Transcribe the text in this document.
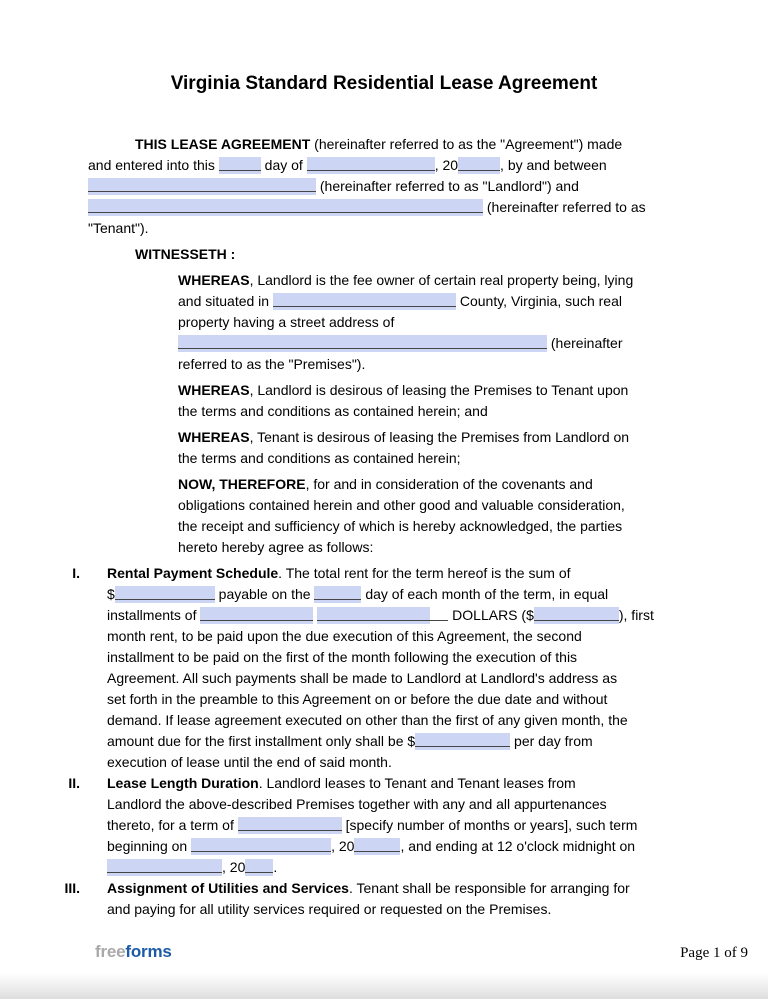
Virginia Standard Residential Lease Agreement
THIS LEASE AGREEMENT (hereinafter referred to as the "Agreement") made
and entered into this	day of	, 20	, by and between
(hereinafter referred to as "Landlord") and
(hereinafter referred to as
"Tenant").
WITNESSETH :
WHEREAS, Landlord is the fee owner of certain real property being, lying
and situated in	County, Virginia, such real
property having a street address of
(hereinafter
referred to as the "Premises").
WHEREAS, Landlord is desirous of leasing the Premises to Tenant upon
the terms and conditions as contained herein; and
WHEREAS, Tenant is desirous of leasing the Premises from Landlord on
the terms and conditions as contained herein;
NOW, THEREFORE, for and in consideration of the covenants and
obligations contained herein and other good and valuable consideration,
the receipt and sufficiency of which is hereby acknowledged, the parties
hereto hereby agree as follows:
I. Rental Payment Schedule. The total rent for the term hereof is the sum of
$	payable on the	day of each month of the term, in equal
installments of	DOLLARS ($	), first
month rent, to be paid upon the due execution of this Agreement, the second
installment to be paid on the first of the month following the execution of this
Agreement. All such payments shall be made to Landlord at Landlord's address as
set forth in the preamble to this Agreement on or before the due date and without
demand. If lease agreement executed on other than the first of any given month, the
amount due for the first installment only shall be $	per day from
execution of lease until the end of said month.
II. Lease Length Duration. Landlord leases to Tenant and Tenant leases from
Landlord the above-described Premises together with any and all appurtenances
thereto, for a term of	[specify number of months or years], such term
beginning on	, 20	, and ending at 12 o'clock midnight on
, 20 .
III. Assignment of Utilities and Services. Tenant shall be responsible for arranging for
and paying for all utility services required or requested on the Premises.
freeforms	Page 1 of 9
